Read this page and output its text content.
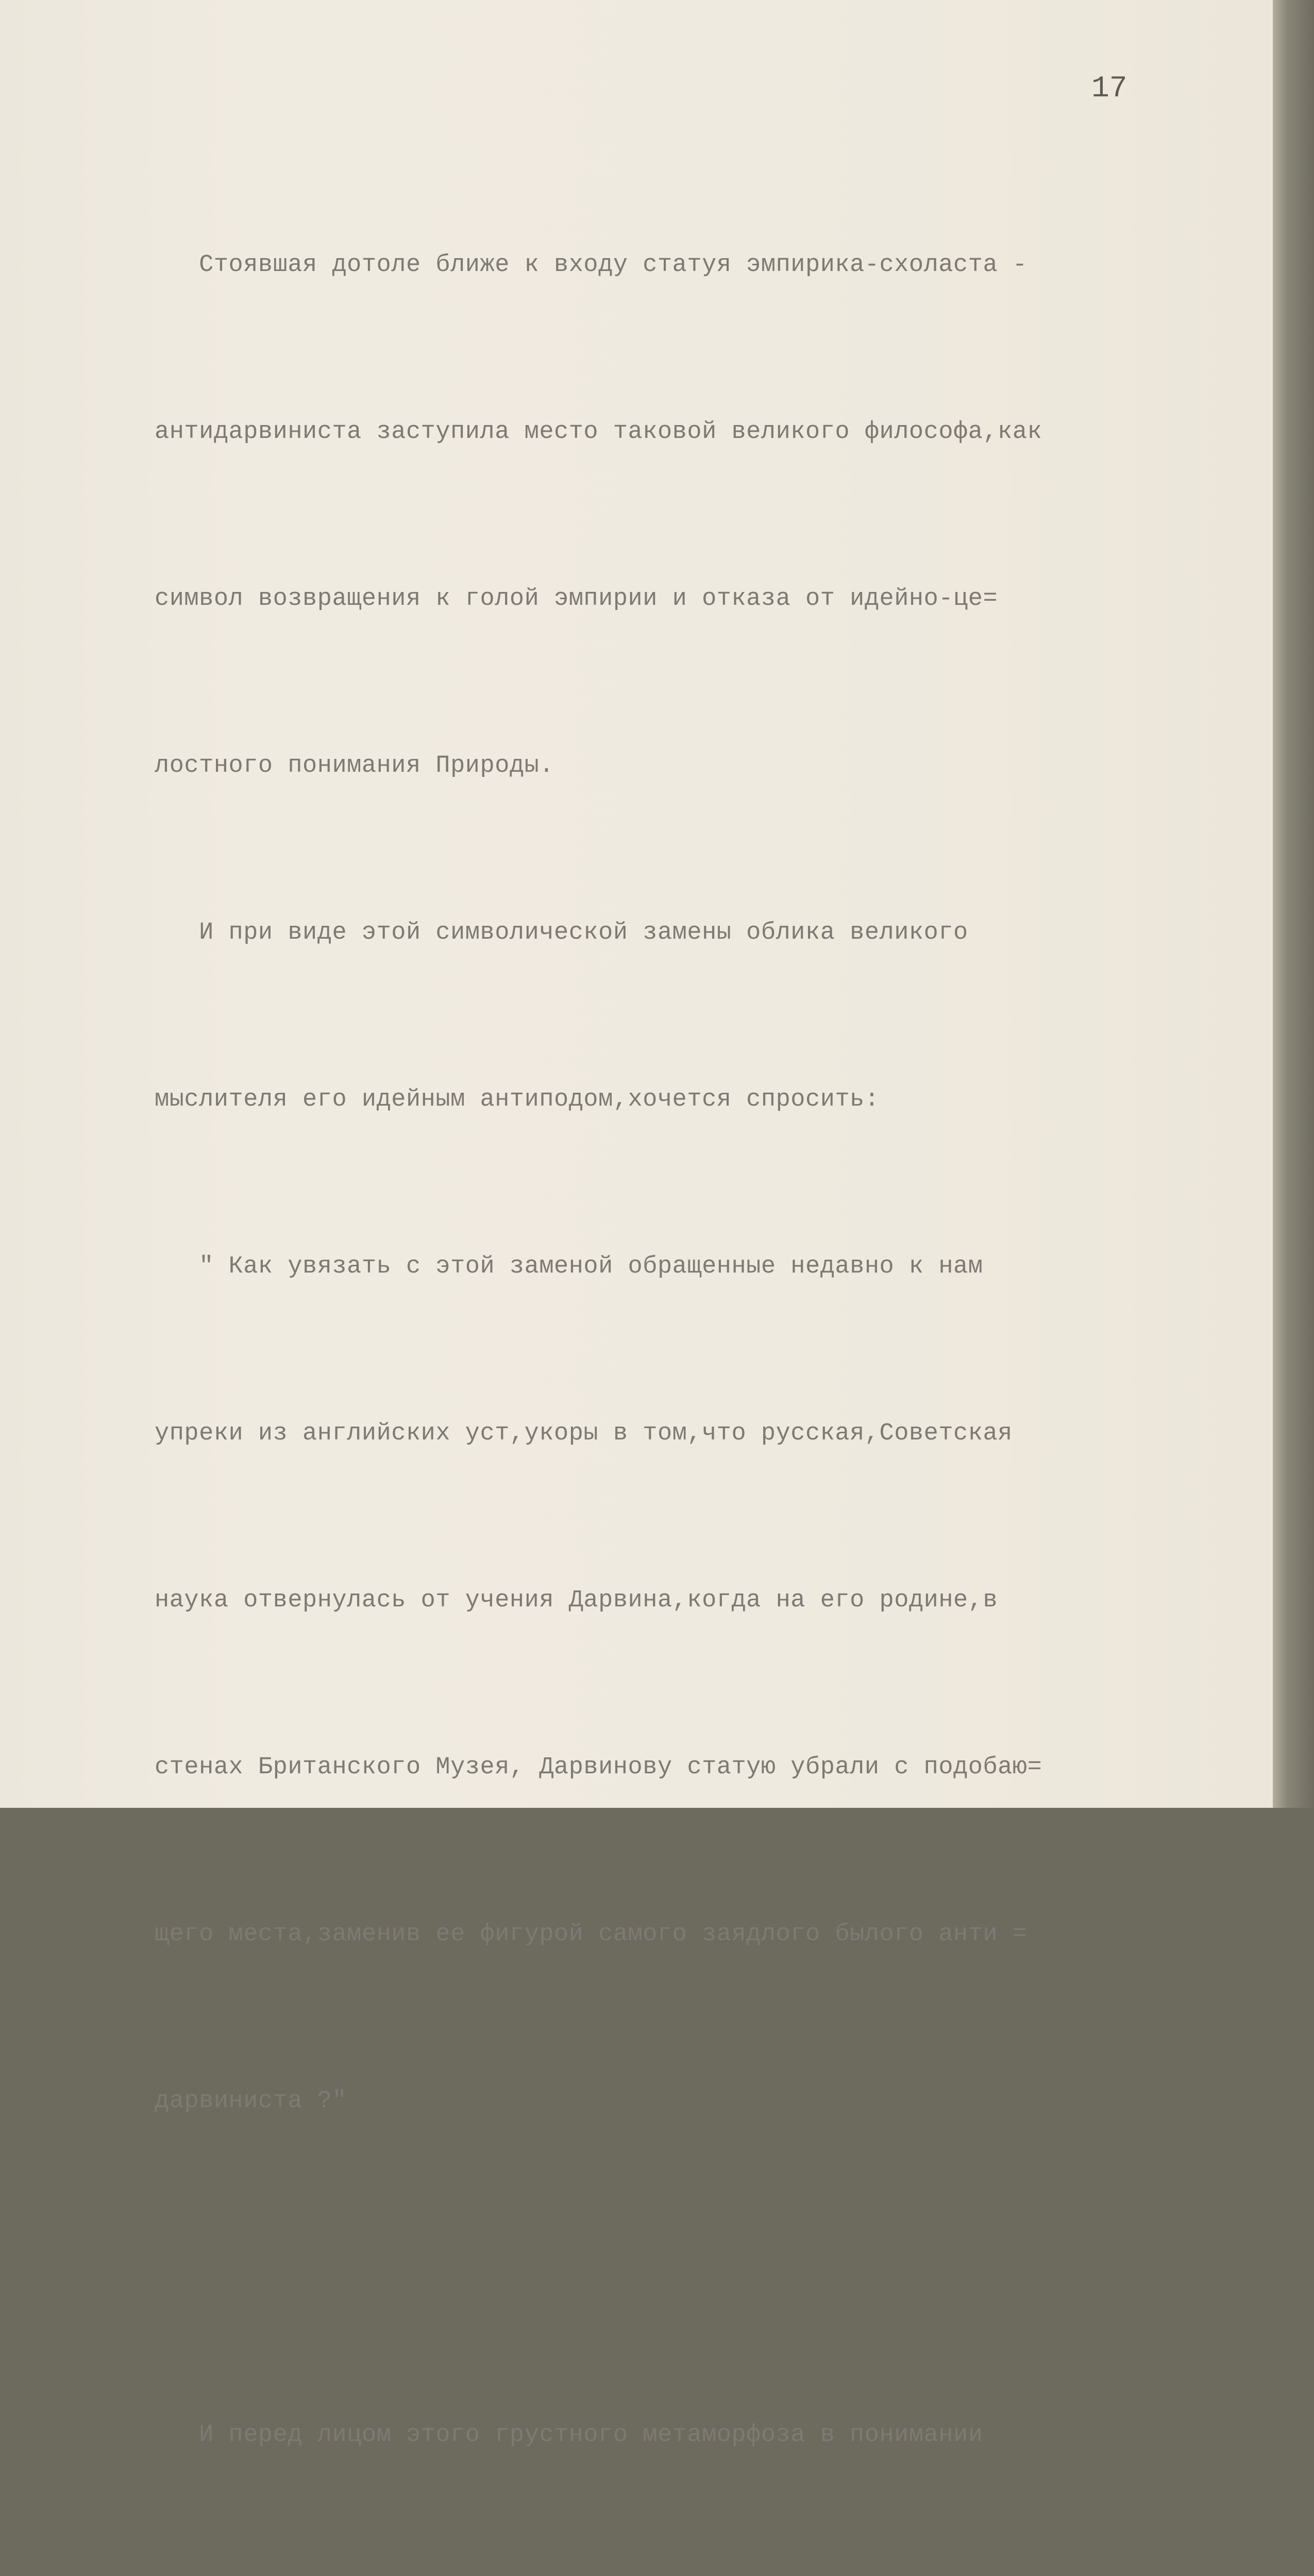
17

Стоявшая дотоле ближе к входу статуя эмпирика-схоласта -

антидарвиниста заступила место таковой великого философа,как

символ возвращения к голой эмпирии и отказа от идейно-це=

лостного понимания Природы.

И при виде этой символической замены облика великого

мыслителя его идейным антиподом,хочется спросить:

" Как увязать с этой заменой обращенные недавно к нам

упреки из английских уст,укоры в том,что русская,Советская

наука отвернулась от учения Дарвина,когда на его родине,в

стенах Британского Музея, Дарвинову статую убрали с подобаю=

щего места,заменив ее фигурой самого заядлого былого анти =

дарвиниста ?"

И перед лицом этого грустного метаморфоза в понимании
